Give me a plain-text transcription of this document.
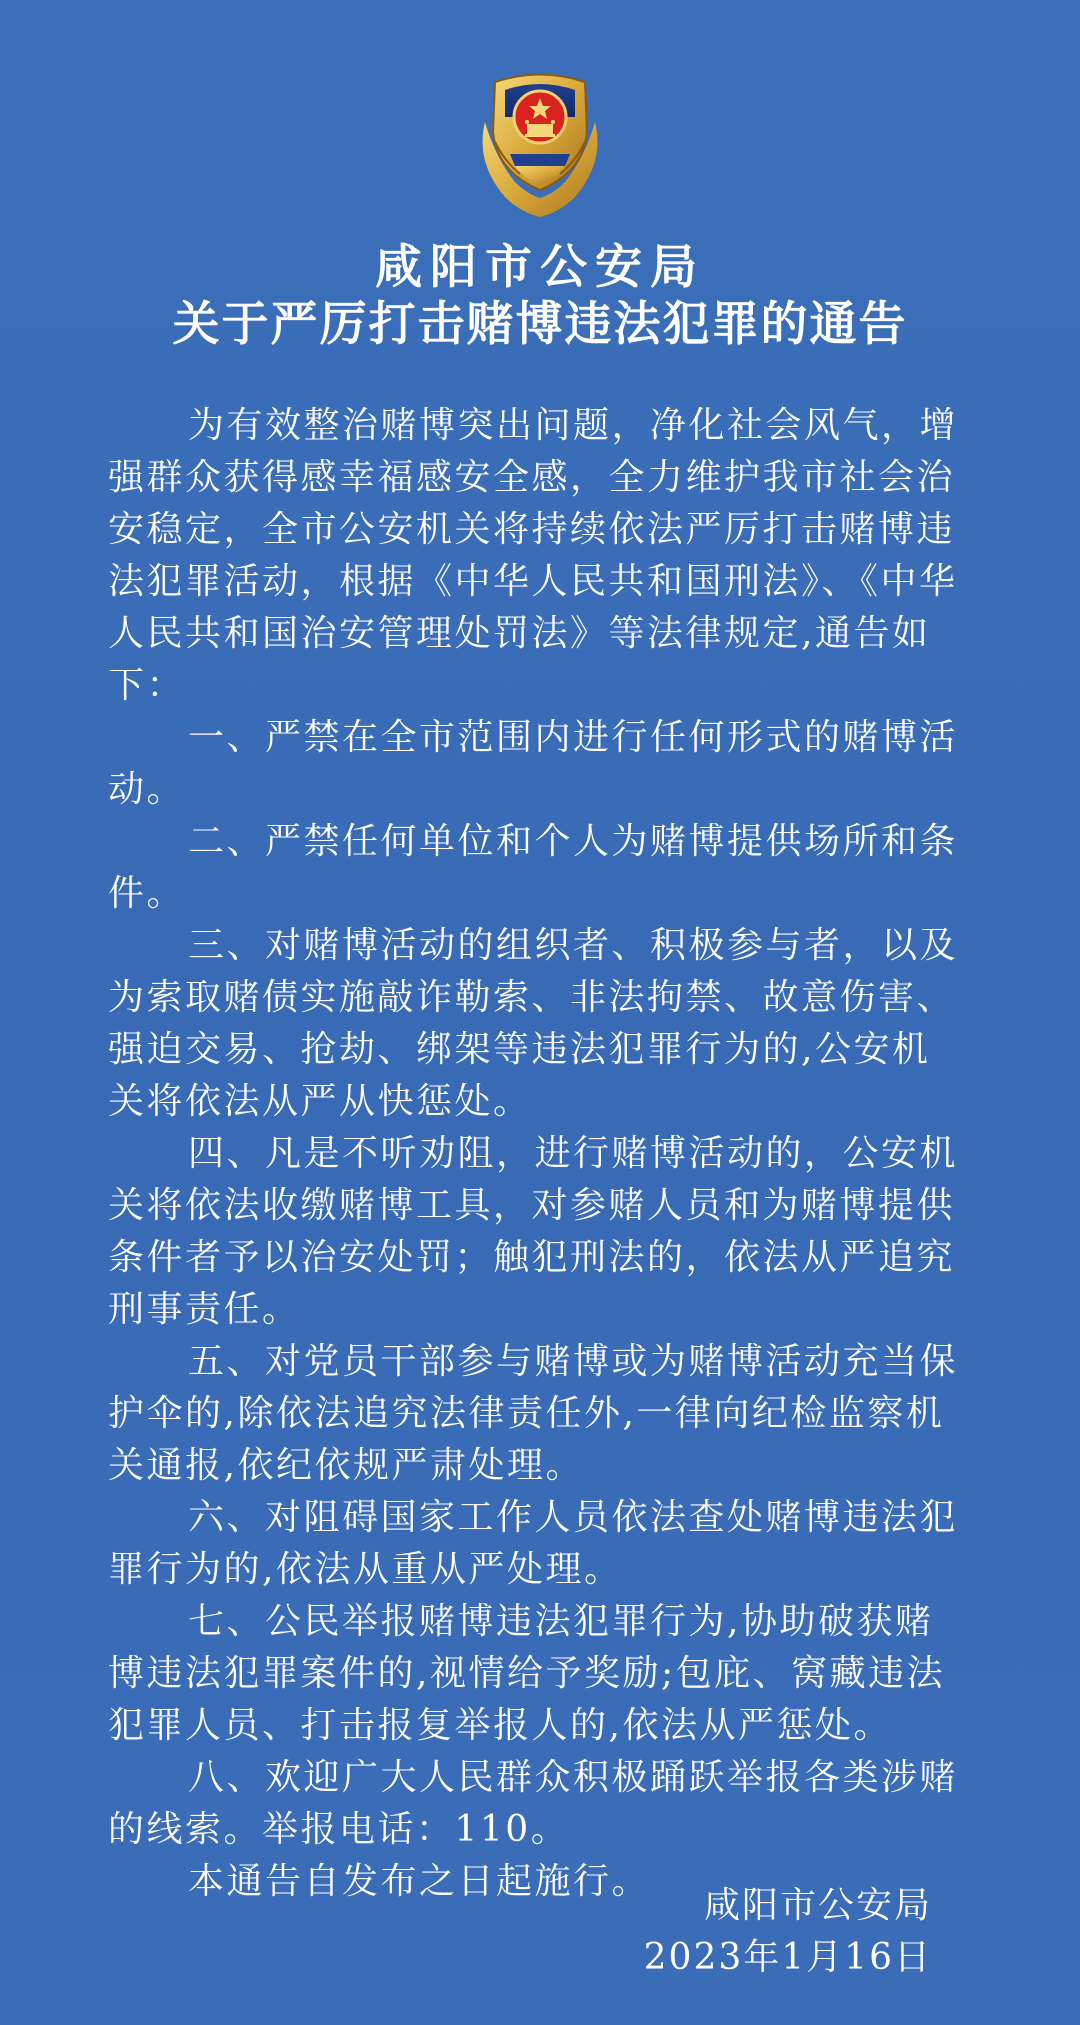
咸阳市公安局
关于严厉打击赌博违法犯罪的通告

为有效整治赌博突出问题，净化社会风气，增强群众获得感幸福感安全感，全力维护我市社会治安稳定，全市公安机关将持续依法严厉打击赌博违法犯罪活动，根据《中华人民共和国刑法》、《中华人民共和国治安管理处罚法》等法律规定,通告如下：

一、严禁在全市范围内进行任何形式的赌博活动。

二、严禁任何单位和个人为赌博提供场所和条件。

三、对赌博活动的组织者、积极参与者，以及为索取赌债实施敲诈勒索、非法拘禁、故意伤害、强迫交易、抢劫、绑架等违法犯罪行为的,公安机关将依法从严从快惩处。

四、凡是不听劝阻，进行赌博活动的，公安机关将依法收缴赌博工具，对参赌人员和为赌博提供条件者予以治安处罚；触犯刑法的，依法从严追究刑事责任。

五、对党员干部参与赌博或为赌博活动充当保护伞的,除依法追究法律责任外,一律向纪检监察机关通报,依纪依规严肃处理。

六、对阻碍国家工作人员依法查处赌博违法犯罪行为的,依法从重从严处理。

七、公民举报赌博违法犯罪行为,协助破获赌博违法犯罪案件的,视情给予奖励;包庇、窝藏违法犯罪人员、打击报复举报人的,依法从严惩处。

八、欢迎广大人民群众积极踊跃举报各类涉赌的线索。举报电话：110。

本通告自发布之日起施行。

咸阳市公安局
2023年1月16日
